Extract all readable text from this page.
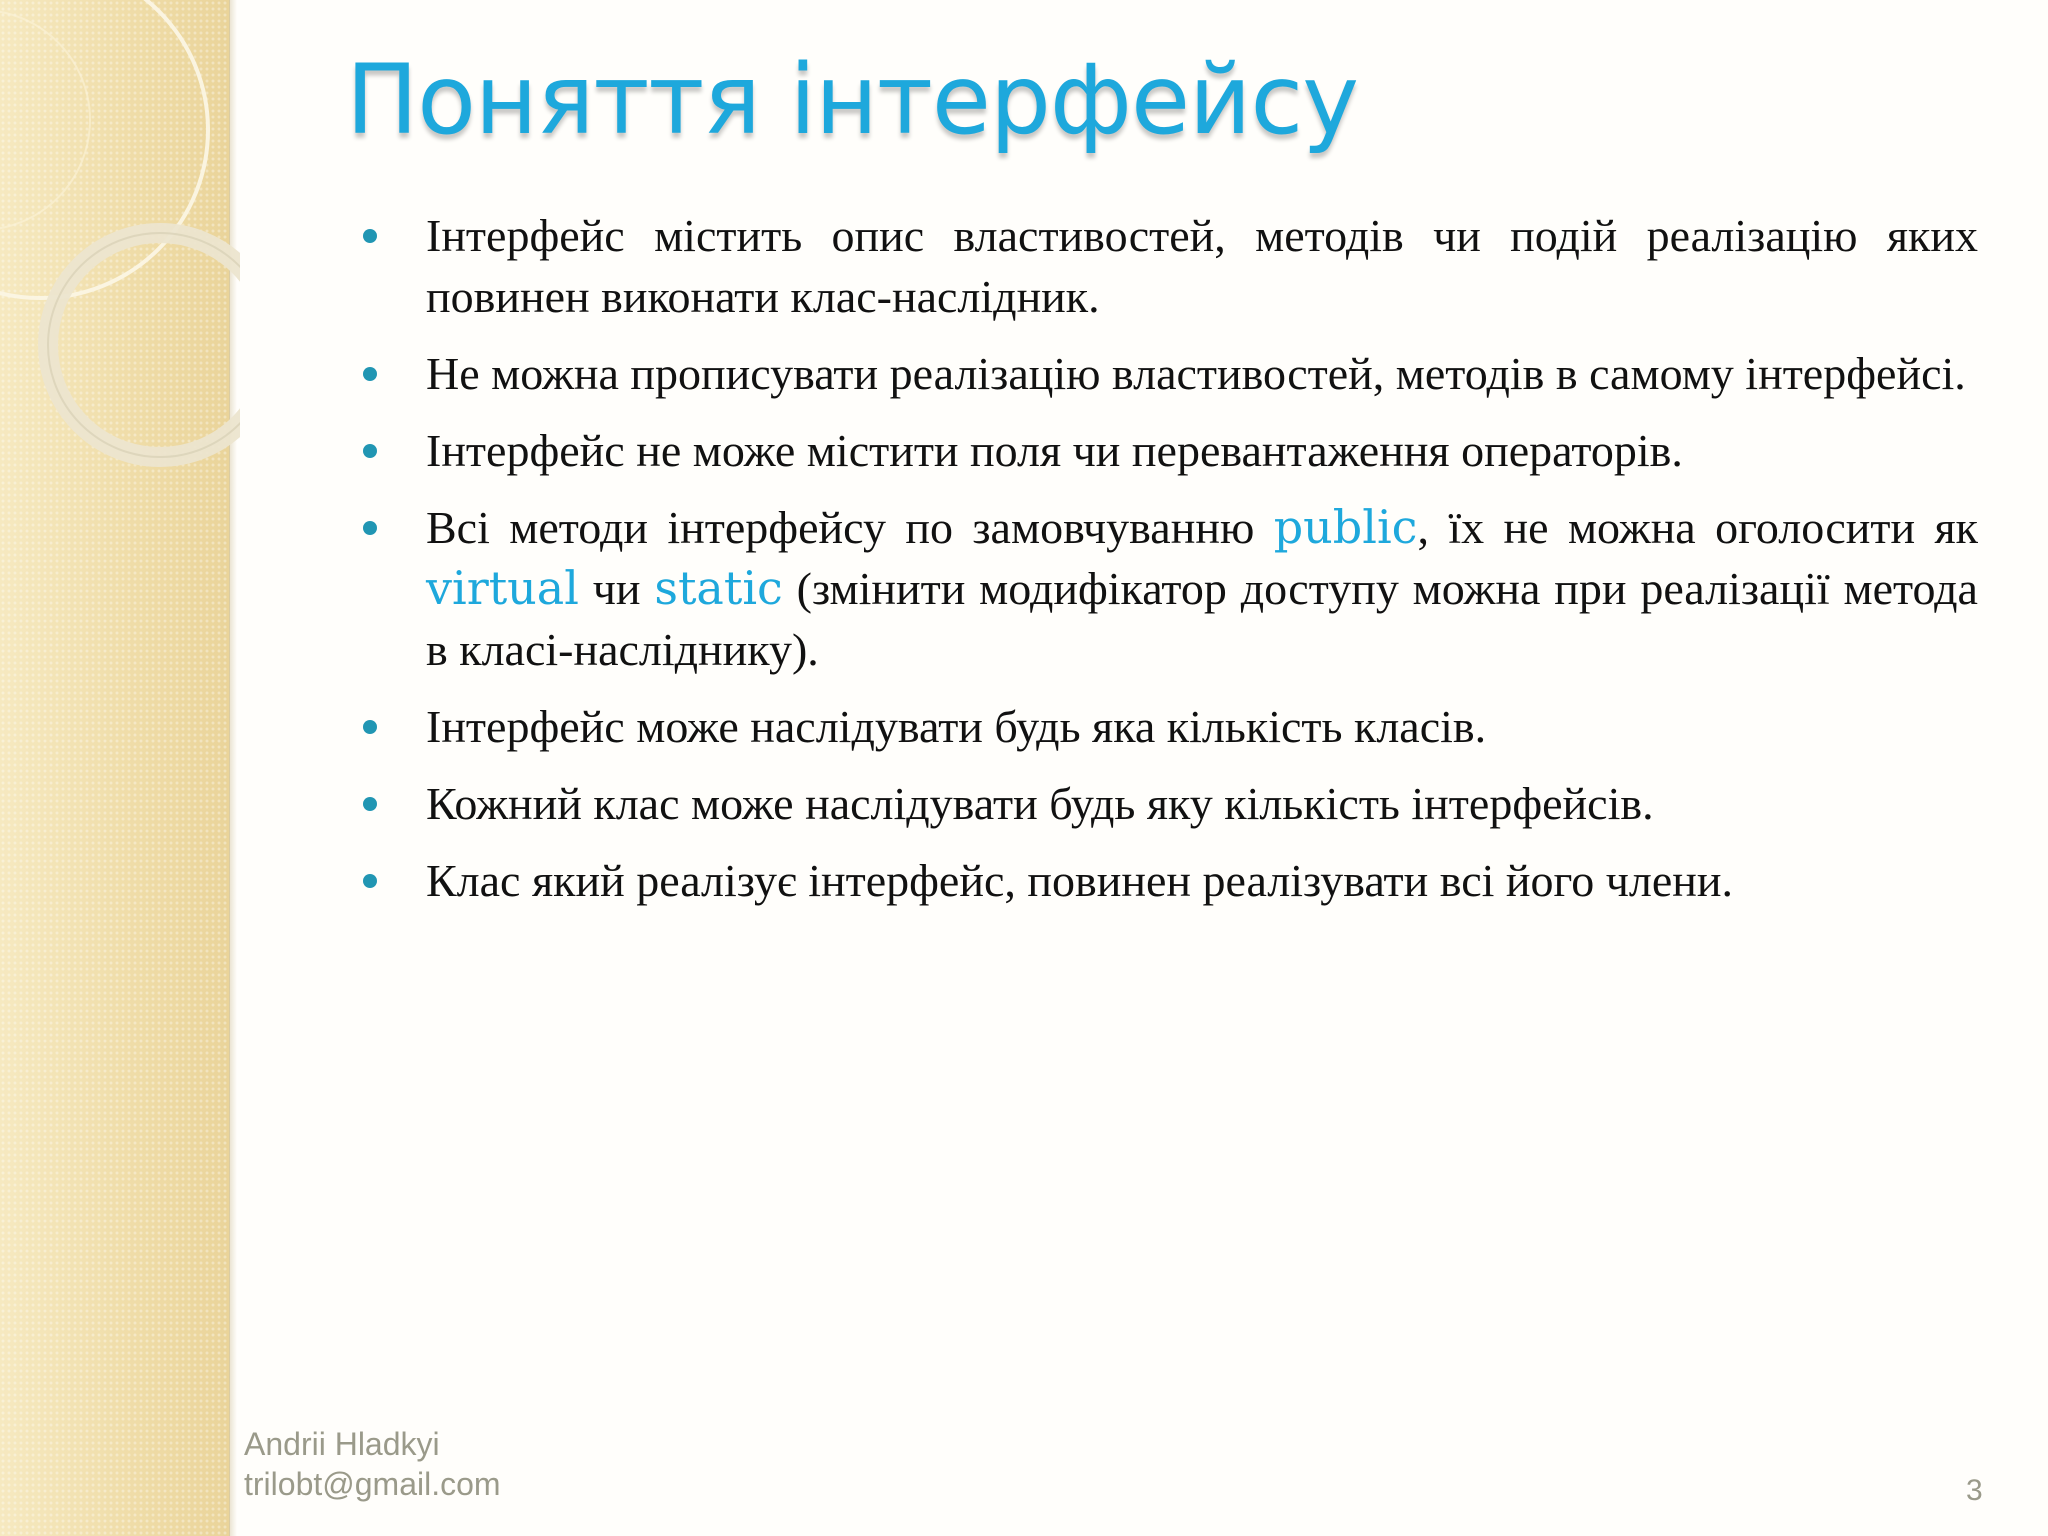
Поняття інтерфейсу
Інтерфейс містить опис властивостей, методів чи подій реалізацію яких повинен виконати клас-наслідник.
Не можна прописувати реалізацію властивостей, методів в самому інтерфейсі.
Інтерфейс не може містити поля чи перевантаження операторів.
Всі методи інтерфейсу по замовчуванню public, їх не можна оголосити як virtual чи static (змінити модифікатор доступу можна при реалізації метода в класі-насліднику).
Інтерфейс може наслідувати будь яка кількість класів.
Кожний клас може наслідувати будь яку кількість інтерфейсів.
Клас який реалізує інтерфейс, повинен реалізувати всі його члени.
Andrii Hladkyi
trilobt@gmail.com	3
